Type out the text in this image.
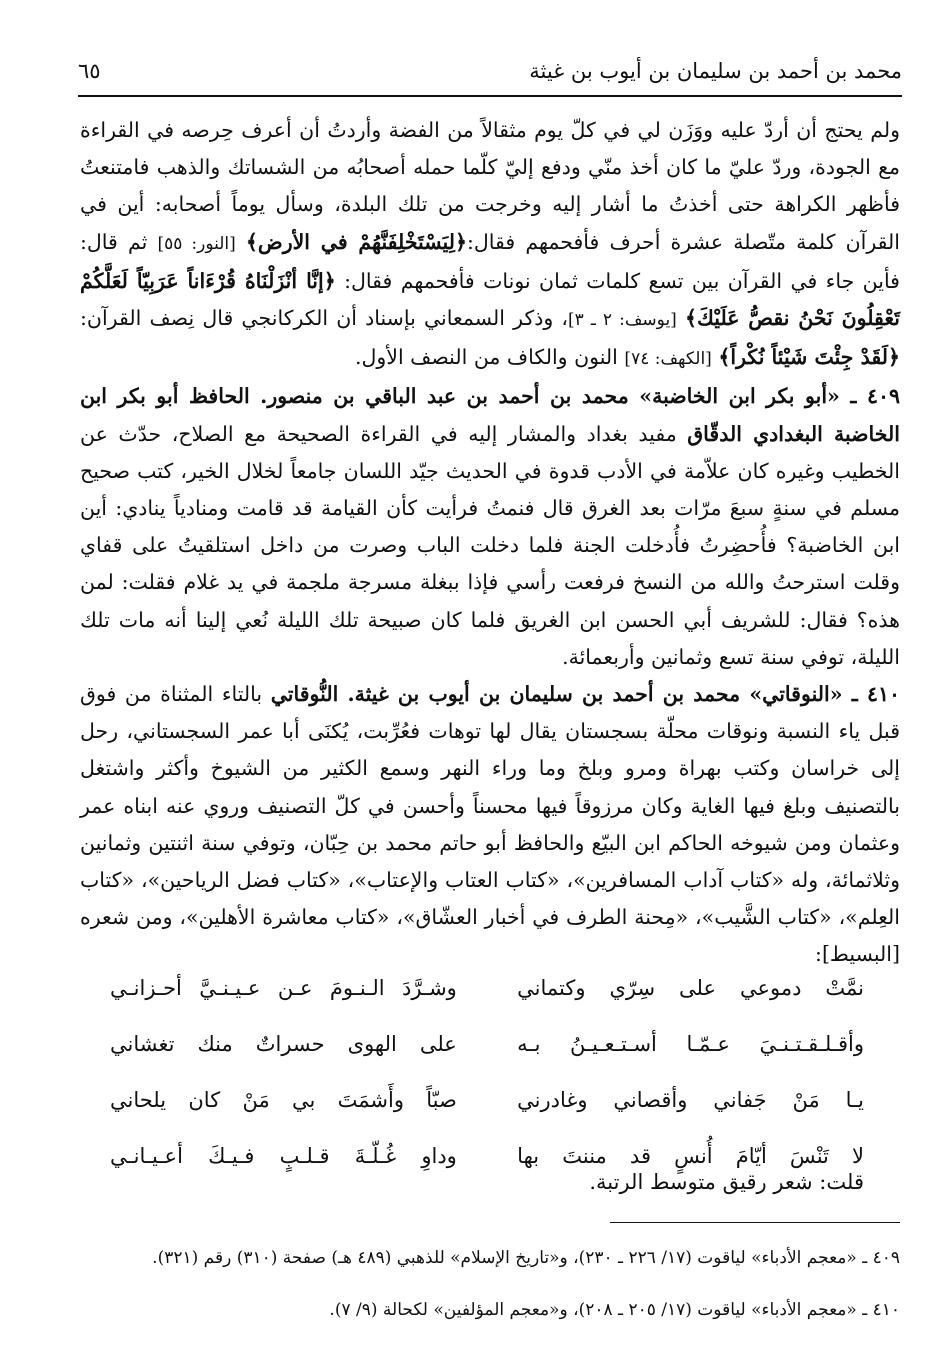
محمد بن أحمد بن سليمان بن أيوب بن غيثة
٦٥

ولم يحتج أن أردّ عليه ووَزَن لي في كلّ يوم مثقالاً من الفضة وأردتُ أن أعرف حِرصه في القراءة مع الجودة، وردّ عليّ ما كان أخذ منّي ودفع إليّ كلّما حمله أصحابُه من الشساتك والذهب فامتنعتُ فأظهر الكراهة حتى أخذتُ ما أشار إليه وخرجت من تلك البلدة، وسأل يوماً أصحابه: أين في القرآن كلمة متّصلة عشرة أحرف فأفحمهم فقال:﴿لِيَسْتَخْلِفَنَّهُمْ في الأرض﴾ [النور: ٥٥] ثم قال: فأين جاء في القرآن بين تسع كلمات ثمان نونات فأفحمهم فقال: ﴿إنَّا أنْزَلْنَاهُ قُرْءَاناً عَرَبِيّاً لَعَلَّكُمْ تَعْقِلُونَ نَحْنُ نقصُّ عَلَيْكَ﴾ [يوسف: ٢ ـ ٣]، وذكر السمعاني بإسناد أن الكركانجي قال نِصف القرآن: ﴿لَقَدْ جِئْتَ شَيْئاً نُكْراً﴾ [الكهف: ٧٤] النون والكاف من النصف الأول.

٤٠٩ ـ «أبو بكر ابن الخاضبة» محمد بن أحمد بن عبد الباقي بن منصور. الحافظ أبو بكر ابن الخاضبة البغدادي الدقّاق مفيد بغداد والمشار إليه في القراءة الصحيحة مع الصلاح، حدّث عن الخطيب وغيره كان علاّمة في الأدب قدوة في الحديث جيّد اللسان جامعاً لخلال الخير، كتب صحيح مسلم في سنةٍ سبعَ مرّات بعد الغرق قال فنمتُ فرأيت كأن القيامة قد قامت ومنادياً ينادي: أين ابن الخاضبة؟ فأُحضِرتُ فأُدخلت الجنة فلما دخلت الباب وصرت من داخل استلقيتُ على قفاي وقلت استرحتُ والله من النسخ فرفعت رأسي فإذا ببغلة مسرجة ملجمة في يد غلام فقلت: لمن هذه؟ فقال: للشريف أبي الحسن ابن الغريق فلما كان صبيحة تلك الليلة نُعي إلينا أنه مات تلك الليلة، توفي سنة تسع وثمانين وأربعمائة.

٤١٠ ـ «النوقاتي» محمد بن أحمد بن سليمان بن أيوب بن غيثة. النُّوقاتي بالتاء المثناة من فوق قبل ياء النسبة ونوقات محلّة بسجستان يقال لها توهات فعُرِّبت، يُكنَى أبا عمر السجستاني، رحل إلى خراسان وكتب بهراة ومرو وبلخ وما وراء النهر وسمع الكثير من الشيوخ وأكثر واشتغل بالتصنيف وبلغ فيها الغاية وكان مرزوقاً فيها محسناً وأحسن في كلّ التصنيف وروي عنه ابناه عمر وعثمان ومن شيوخه الحاكم ابن البيّع والحافظ أبو حاتم محمد بن حِبّان، وتوفي سنة اثنتين وثمانين وثلاثمائة، وله «كتاب آداب المسافرين»، «كتاب العتاب والإعتاب»، «كتاب فضل الرياحين»، «كتاب العِلم»، «كتاب الشَّيب»، «مِحنة الطرف في أخبار العشّاق»، «كتاب معاشرة الأهلين»، ومن شعره [البسيط]:

نمَّتْ دموعي على سِرّي وكتماني
وشـرَّدَ الـنـومَ عـن عـيـنـيَّ أحـزانـي
وأقـلـقـتـنـيَ عـمّـا أسـتـعـيـنُ بـه
على الهوى حسراتٌ منك تغشاني
يـا مَنْ جَفاني وأقصاني وغادرني
صبّاً وأَشمَتَ بي مَنْ كان يلحاني
لا تَنْسَ أيّامَ أُنسٍ قد مننتَ بها
وداوِ غُـلّـةَ قـلـبٍ فـيـكَ أعـيـانـي
قلت: شعر رقيق متوسط الرتبة.

٤٠٩ ـ «معجم الأدباء» لياقوت (١٧/ ٢٢٦ ـ ٢٣٠)، و«تاريخ الإسلام» للذهبي (٤٨٩ هـ) صفحة (٣١٠) رقم (٣٢١).

٤١٠ ـ «معجم الأدباء» لياقوت (١٧/ ٢٠٥ ـ ٢٠٨)، و«معجم المؤلفين» لكحالة (٩/ ٧).
